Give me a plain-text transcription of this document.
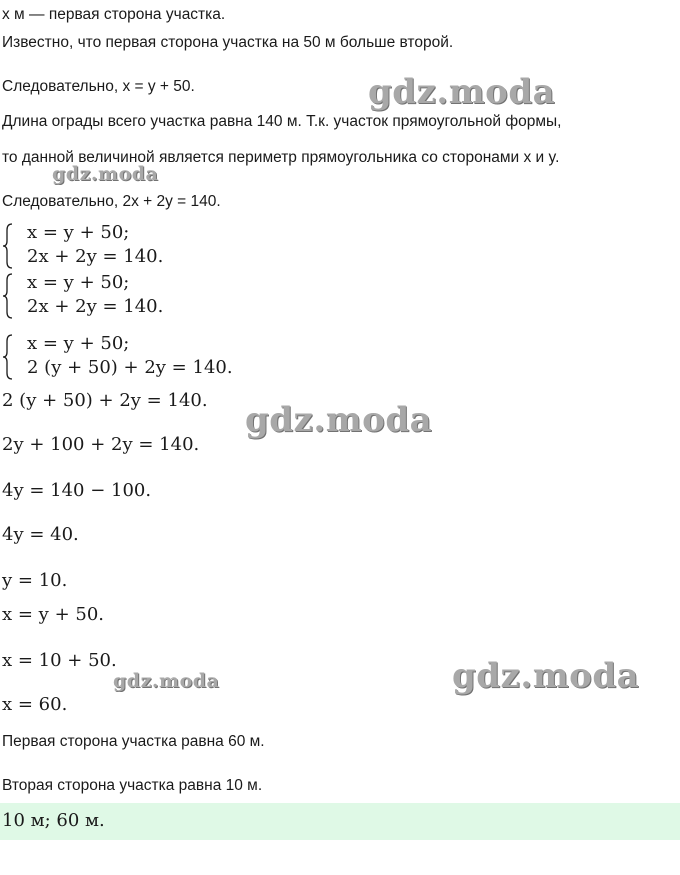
x м — первая сторона участка.
Известно, что первая сторона участка на 50 м больше второй.
Следовательно, x = y + 50.
Длина ограды всего участка равна 140 м. Т.к. участок прямоугольной формы,
то данной величиной является периметр прямоугольника со сторонами x и y.
Следовательно, 2x + 2y = 140.
x = y + 50;
2x + 2y = 140.
x = y + 50;
2x + 2y = 140.
x = y + 50;
2 (y + 50) + 2y = 140.
2 (y + 50) + 2y = 140.
2y + 100 + 2y = 140.
4y = 140 − 100.
4y = 40.
y = 10.
x = y + 50.
x = 10 + 50.
x = 60.
Первая сторона участка равна 60 м.
Вторая сторона участка равна 10 м.
10 м; 60 м.
gdz.moda
gdz.moda
gdz.moda
gdz.moda	gdz.moda
